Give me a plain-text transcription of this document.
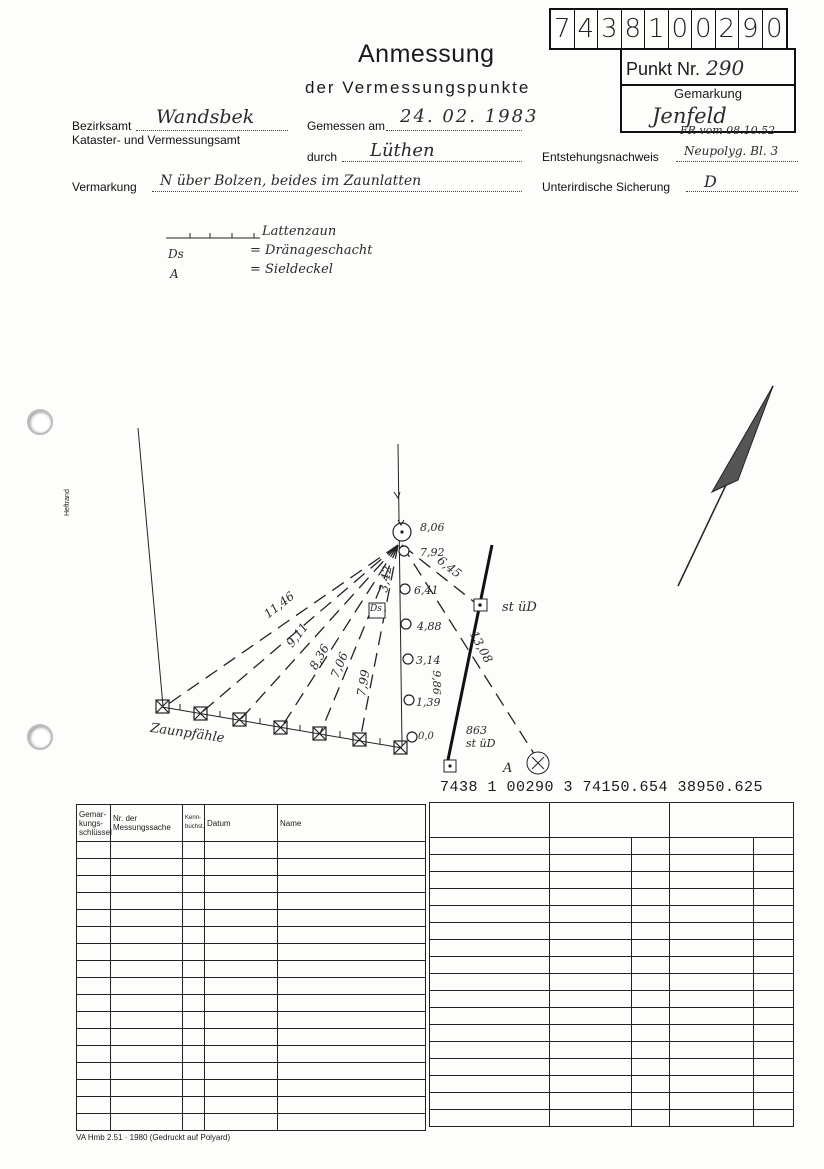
7 4 3 8 1 0 0 2 9 0
Punkt Nr. 290
Gemarkung
Jenfeld
Anmessung
der Vermessungspunkte
Bezirksamt Wandsbek
Kataster- und Vermessungsamt
Gemessen am 24. 02. 1983
durch Lüthen	Entstehungsnachweis Neupolyg. Bl. 3
FR vom 08.10.52
Vermarkung N über Bolzen, beides im Zaunlatten	Unterirdische Sicherung D
Lattenzaun
Ds	= Dränageschacht
A	= Sieldeckel
Heftrand
8,06
7,92
6,41
4,88
3,14
1,39
0,0
11,46
9,11
8,36
7,06
7,99
3,42	6,45
13,08
9,86
Ds	st üD
863 st üD
A
Zaunpfähle
7438 1 00290 3 74150.654 38950.625
Gemar-kungs-schlüssel	Nr. der Messungssache	Kenn-buchst.	Datum	Name

VA Hmb 2.51 · 1980 (Gedruckt auf Polyard)
